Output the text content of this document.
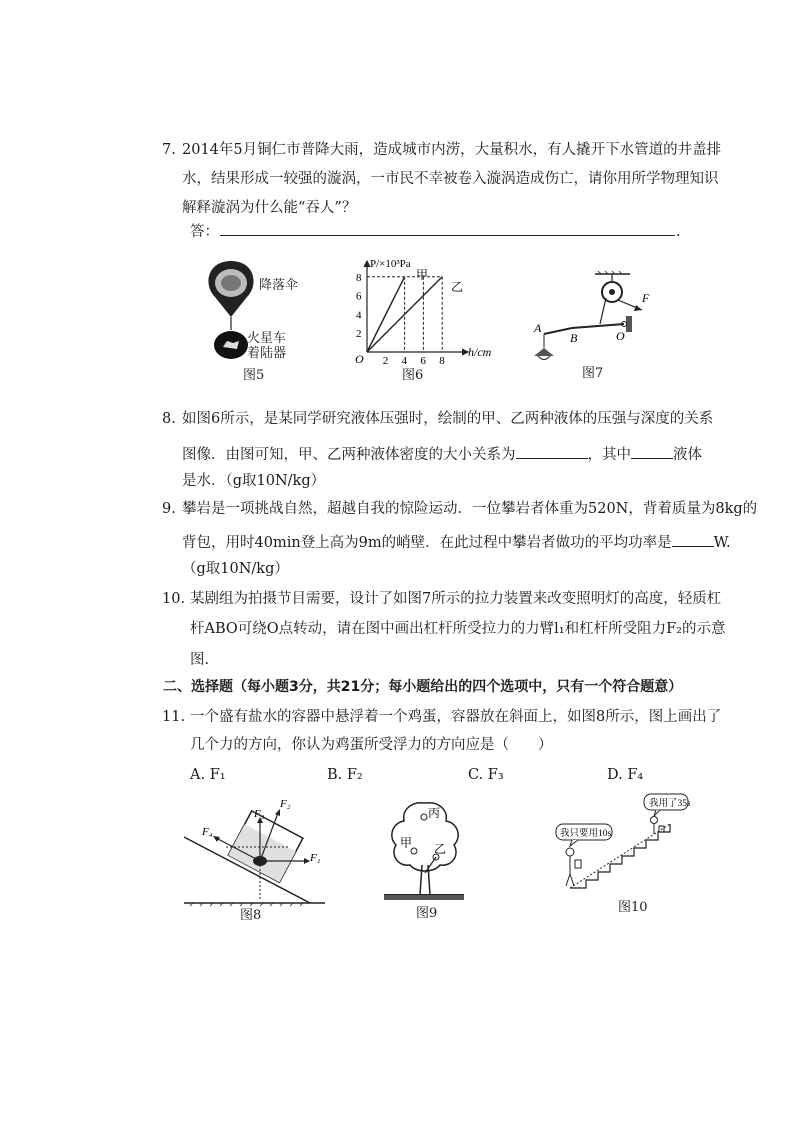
7. 2014年5月铜仁市普降大雨，造成城市内涝，大量积水，有人撬开下水管道的井盖排
水，结果形成一较强的漩涡，一市民不幸被卷入漩涡造成伤亡，请你用所学物理知识
解释漩涡为什么能“吞人”？
答：	.
降落伞
火星车
着陆器
图5
2 4 6 8
2
4
6
8
P/×10³Pa
h/cm
O
甲
乙
图6
F
A
B	O
图7
8. 如图6所示，是某同学研究液体压强时，绘制的甲、乙两种液体的压强与深度的关系
图像．由图可知，甲、乙两种液体密度的大小关系为	，其中	液体
是水．（g取10N/kg）
9. 攀岩是一项挑战自然，超越自我的惊险运动．一位攀岩者体重为520N，背着质量为8kg的
背包，用时40min登上高为9m的峭壁．在此过程中攀岩者做功的平均功率是	W.
（g取10N/kg）
10. 某剧组为拍摄节目需要，设计了如图7所示的拉力装置来改变照明灯的高度，轻质杠
杆ABO可绕O点转动，请在图中画出杠杆所受拉力的力臂l₁和杠杆所受阻力F₂的示意
图.
二、选择题（每小题3分，共21分；每小题给出的四个选项中，只有一个符合题意）
11. 一个盛有盐水的容器中悬浮着一个鸡蛋，容器放在斜面上，如图8所示，图上画出了
几个力的方向，你认为鸡蛋所受浮力的方向应是（　　）
A. F₁	B. F₂	C. F₃	D. F₄
F₁
F₂
F₃
F₄
图8
丙
甲 乙
图9
我用了35s
我只要用10s
图10
